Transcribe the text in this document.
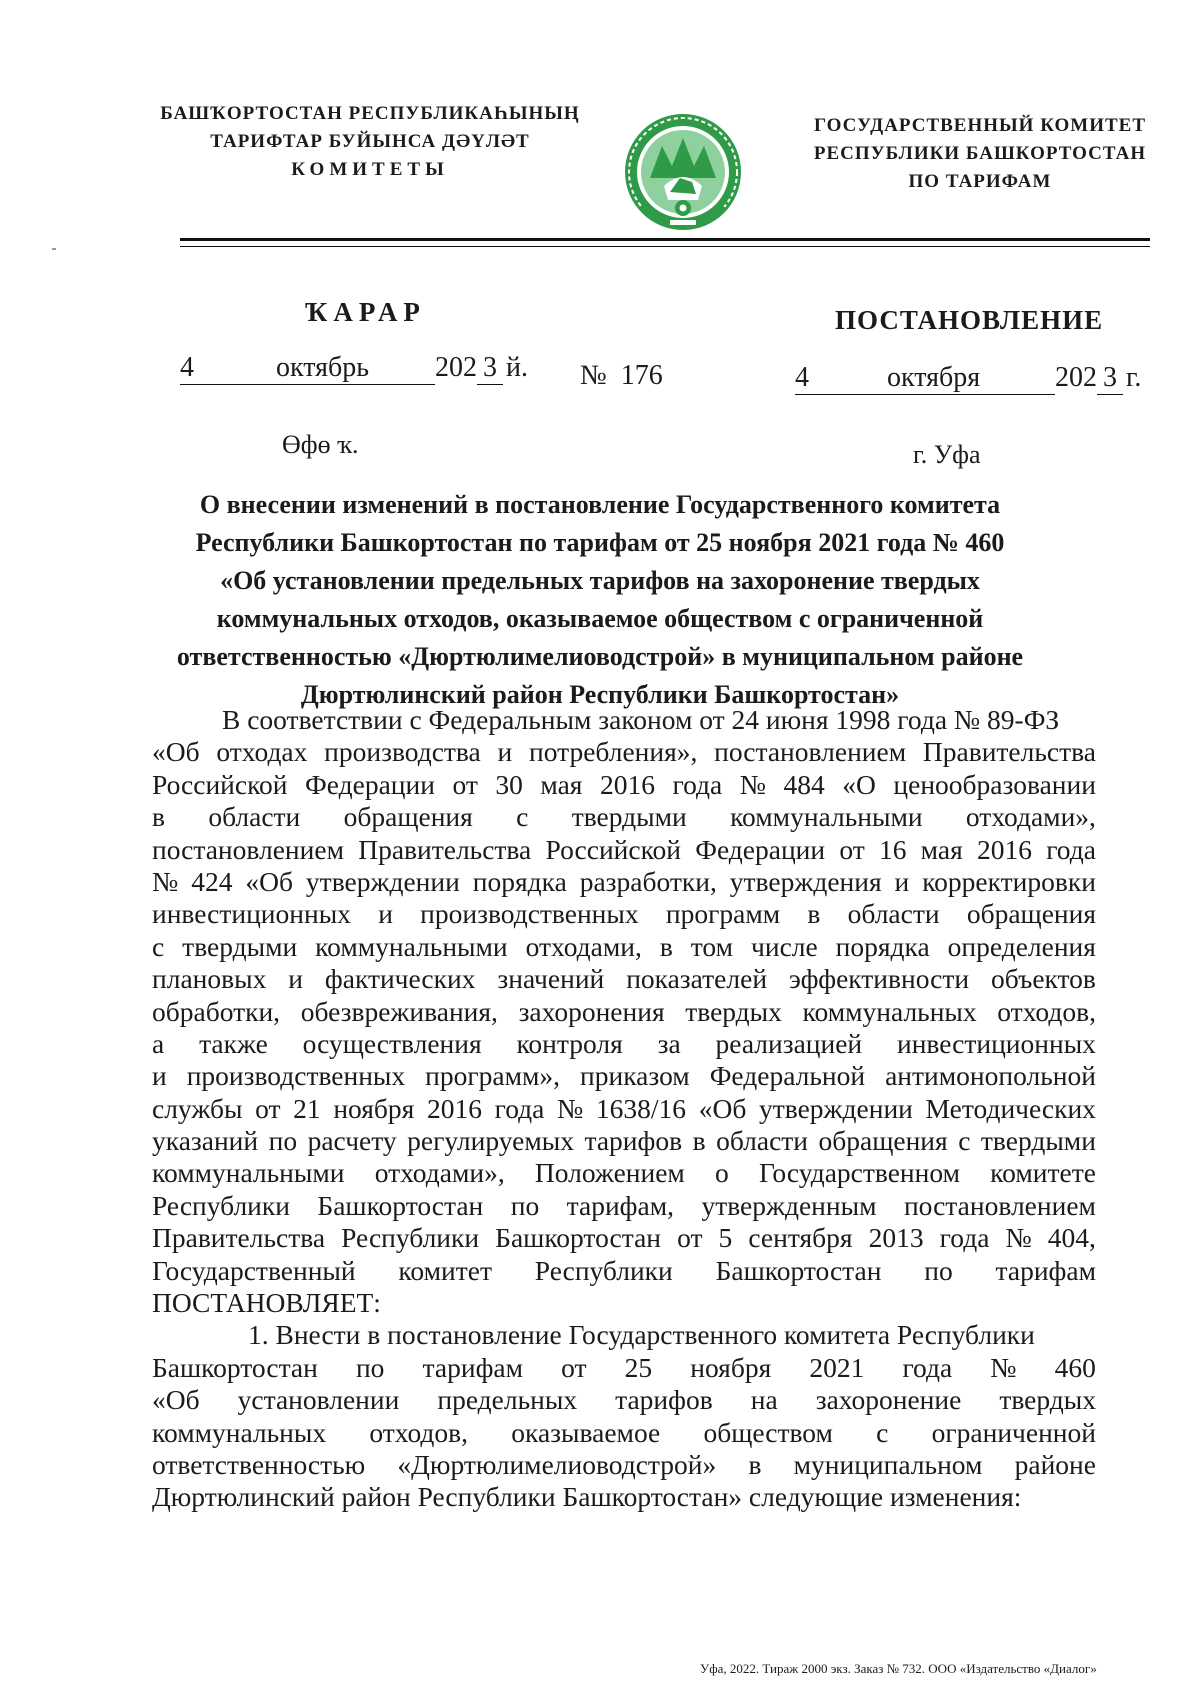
БАШҠОРТОСТАН РЕСПУБЛИКАҺЫНЫҢ
ТАРИФТАР БУЙЫНСА ДӘҮЛӘТ
КОМИТЕТЫ
ГОСУДАРСТВЕННЫЙ КОМИТЕТ
РЕСПУБЛИКИ БАШКОРТОСТАН
ПО ТАРИФАМ
ҠАРАР	ПОСТАНОВЛЕНИЕ
4	октябрь 202 3 й. № 176	4	октября	202 3 г.
Өфө ҡ.	г. Уфа
О внесении изменений в постановление Государственного комитета
Республики Башкортостан по тарифам от 25 ноября 2021 года № 460
«Об установлении предельных тарифов на захоронение твердых
коммунальных отходов, оказываемое обществом с ограниченной
ответственностью «Дюртюлимелиоводстрой» в муниципальном районе
Дюртюлинский район Республики Башкортостан»
В соответствии с Федеральным законом от 24 июня 1998 года № 89-ФЗ
«Об отходах производства и потребления», постановлением Правительства
Российской Федерации от 30 мая 2016 года № 484 «О ценообразовании
в области обращения с твердыми коммунальными отходами»,
постановлением Правительства Российской Федерации от 16 мая 2016 года
№ 424 «Об утверждении порядка разработки, утверждения и корректировки
инвестиционных и производственных программ в области обращения
с твердыми коммунальными отходами, в том числе порядка определения
плановых и фактических значений показателей эффективности объектов
обработки, обезвреживания, захоронения твердых коммунальных отходов,
а также осуществления контроля за реализацией инвестиционных
и производственных программ», приказом Федеральной антимонопольной
службы от 21 ноября 2016 года № 1638/16 «Об утверждении Методических
указаний по расчету регулируемых тарифов в области обращения с твердыми
коммунальными отходами», Положением о Государственном комитете
Республики Башкортостан по тарифам, утвержденным постановлением
Правительства Республики Башкортостан от 5 сентября 2013 года № 404,
Государственный комитет Республики Башкортостан по тарифам
ПОСТАНОВЛЯЕТ:
1. Внести в постановление Государственного комитета Республики
Башкортостан по тарифам от 25 ноября 2021 года № 460
«Об установлении предельных тарифов на захоронение твердых
коммунальных отходов, оказываемое обществом с ограниченной
ответственностью «Дюртюлимелиоводстрой» в муниципальном районе
Дюртюлинский район Республики Башкортостан» следующие изменения:
Уфа, 2022. Тираж 2000 экз. Заказ № 732. ООО «Издательство «Диалог»
